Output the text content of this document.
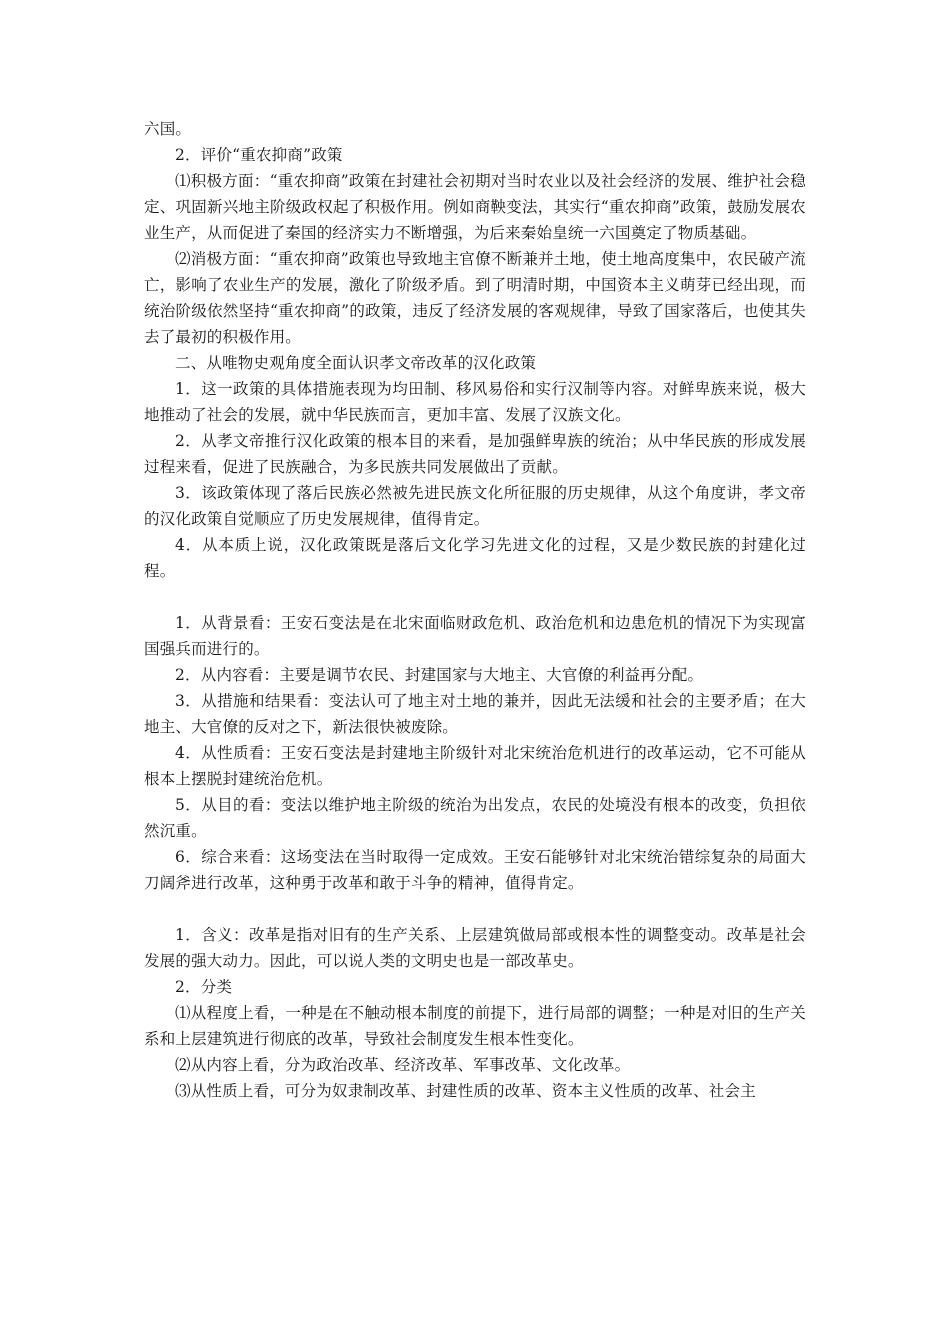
六国。

2．评价“重农抑商”政策

⑴积极方面：“重农抑商”政策在封建社会初期对当时农业以及社会经济的发展、维护社会稳定、巩固新兴地主阶级政权起了积极作用。例如商鞅变法，其实行“重农抑商”政策，鼓励发展农业生产，从而促进了秦国的经济实力不断增强，为后来秦始皇统一六国奠定了物质基础。

⑵消极方面：“重农抑商”政策也导致地主官僚不断兼并土地，使土地高度集中，农民破产流亡，影响了农业生产的发展，激化了阶级矛盾。到了明清时期，中国资本主义萌芽已经出现，而统治阶级依然坚持“重农抑商”的政策，违反了经济发展的客观规律，导致了国家落后，也使其失去了最初的积极作用。

二、从唯物史观角度全面认识孝文帝改革的汉化政策

1．这一政策的具体措施表现为均田制、移风易俗和实行汉制等内容。对鲜卑族来说，极大地推动了社会的发展，就中华民族而言，更加丰富、发展了汉族文化。

2．从孝文帝推行汉化政策的根本目的来看，是加强鲜卑族的统治；从中华民族的形成发展过程来看，促进了民族融合，为多民族共同发展做出了贡献。

3．该政策体现了落后民族必然被先进民族文化所征服的历史规律，从这个角度讲，孝文帝的汉化政策自觉顺应了历史发展规律，值得肯定。

4．从本质上说，汉化政策既是落后文化学习先进文化的过程，又是少数民族的封建化过程。

1．从背景看：王安石变法是在北宋面临财政危机、政治危机和边患危机的情况下为实现富国强兵而进行的。

2．从内容看：主要是调节农民、封建国家与大地主、大官僚的利益再分配。

3．从措施和结果看：变法认可了地主对土地的兼并，因此无法缓和社会的主要矛盾；在大地主、大官僚的反对之下，新法很快被废除。

4．从性质看：王安石变法是封建地主阶级针对北宋统治危机进行的改革运动，它不可能从根本上摆脱封建统治危机。

5．从目的看：变法以维护地主阶级的统治为出发点，农民的处境没有根本的改变，负担依然沉重。

6．综合来看：这场变法在当时取得一定成效。王安石能够针对北宋统治错综复杂的局面大刀阔斧进行改革，这种勇于改革和敢于斗争的精神，值得肯定。

1．含义：改革是指对旧有的生产关系、上层建筑做局部或根本性的调整变动。改革是社会发展的强大动力。因此，可以说人类的文明史也是一部改革史。

2．分类

⑴从程度上看，一种是在不触动根本制度的前提下，进行局部的调整；一种是对旧的生产关系和上层建筑进行彻底的改革，导致社会制度发生根本性变化。

⑵从内容上看，分为政治改革、经济改革、军事改革、文化改革。

⑶从性质上看，可分为奴隶制改革、封建性质的改革、资本主义性质的改革、社会主
